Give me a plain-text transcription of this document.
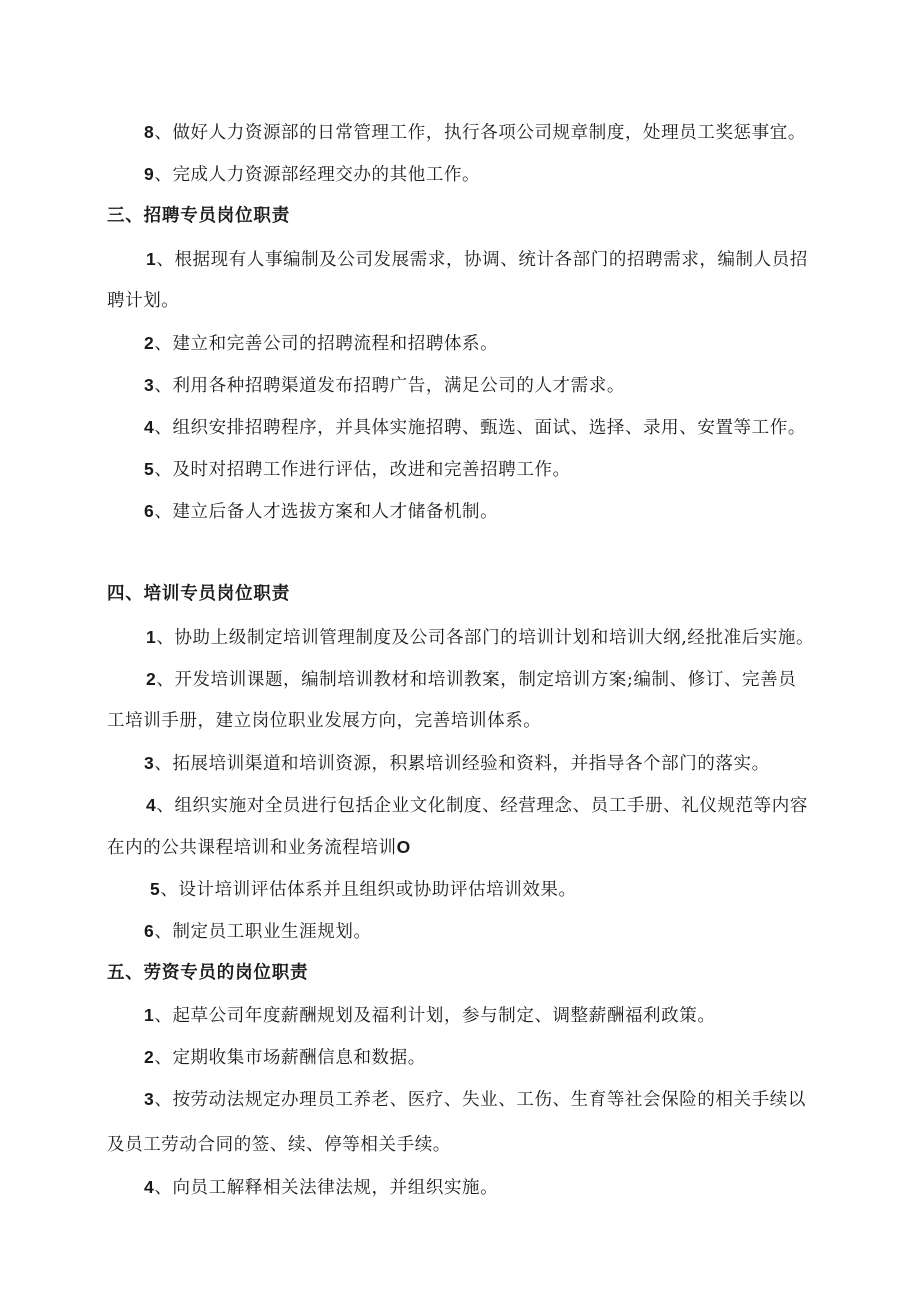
8、做好人力资源部的日常管理工作，执行各项公司规章制度，处理员工奖惩事宜。
9、完成人力资源部经理交办的其他工作。
三、招聘专员岗位职责
1、根据现有人事编制及公司发展需求，协调、统计各部门的招聘需求，编制人员招
聘计划。
2、建立和完善公司的招聘流程和招聘体系。
3、利用各种招聘渠道发布招聘广告，满足公司的人才需求。
4、组织安排招聘程序，并具体实施招聘、甄选、面试、选择、录用、安置等工作。
5、及时对招聘工作进行评估，改进和完善招聘工作。
6、建立后备人才选拔方案和人才储备机制。
四、培训专员岗位职责
1、协助上级制定培训管理制度及公司各部门的培训计划和培训大纲,经批准后实施。
2、开发培训课题，编制培训教材和培训教案，制定培训方案;编制、修订、完善员
工培训手册，建立岗位职业发展方向，完善培训体系。
3、拓展培训渠道和培训资源，积累培训经验和资料，并指导各个部门的落实。
4、组织实施对全员进行包括企业文化制度、经营理念、员工手册、礼仪规范等内容
在内的公共课程培训和业务流程培训O
5、设计培训评估体系并且组织或协助评估培训效果。
6、制定员工职业生涯规划。
五、劳资专员的岗位职责
1、起草公司年度薪酬规划及福利计划，参与制定、调整薪酬福利政策。
2、定期收集市场薪酬信息和数据。
3、按劳动法规定办理员工养老、医疗、失业、工伤、生育等社会保险的相关手续以
及员工劳动合同的签、续、停等相关手续。
4、向员工解释相关法律法规，并组织实施。
